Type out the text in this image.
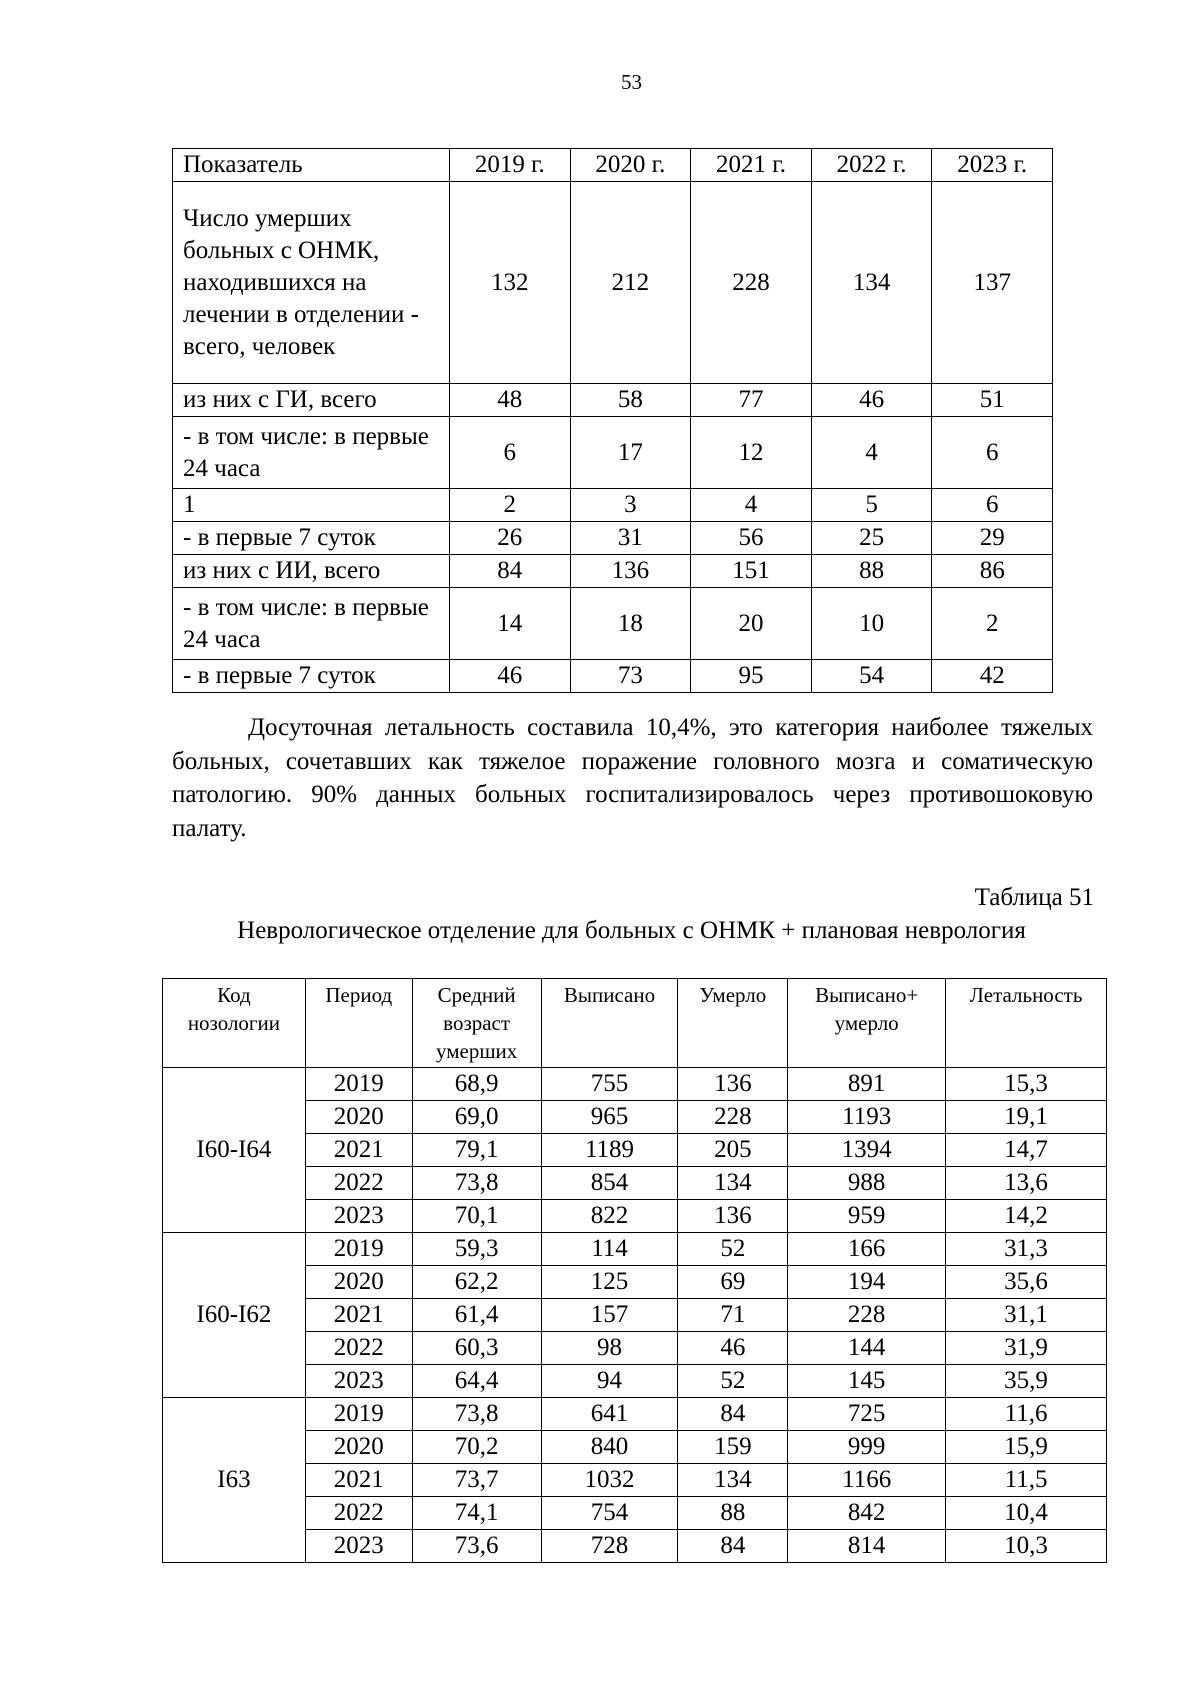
53
Показатель	2019 г.	2020 г.	2021 г.	2022 г.	2023 г.
Число умерших больных с ОНМК, находившихся на лечении в отделении - всего, человек	132	212	228	134	137
из них с ГИ, всего	48	58	77	46	51
- в том числе: в первые 24 часа	6	17	12	4	6
1	2	3	4	5	6
- в первые 7 суток	26	31	56	25	29
из них с ИИ, всего	84	136	151	88	86
- в том числе: в первые 24 часа	14	18	20	10	2
- в первые 7 суток	46	73	95	54	42
Досуточная летальность составила 10,4%, это категория наиболее тяжелых больных, сочетавших как тяжелое поражение головного мозга и соматическую патологию. 90% данных больных госпитализировалось через противошоковую палату.
Таблица 51
Неврологическое отделение для больных с ОНМК + плановая неврология
Код нозологии	Период	Средний возраст умерших	Выписано	Умерло	Выписано+ умерло	Летальность
I60-I64	2019	68,9	755	136	891	15,3
	2020	69,0	965	228	1193	19,1
	2021	79,1	1189	205	1394	14,7
	2022	73,8	854	134	988	13,6
	2023	70,1	822	136	959	14,2
I60-I62	2019	59,3	114	52	166	31,3
	2020	62,2	125	69	194	35,6
	2021	61,4	157	71	228	31,1
	2022	60,3	98	46	144	31,9
	2023	64,4	94	52	145	35,9
I63	2019	73,8	641	84	725	11,6
	2020	70,2	840	159	999	15,9
	2021	73,7	1032	134	1166	11,5
	2022	74,1	754	88	842	10,4
	2023	73,6	728	84	814	10,3
